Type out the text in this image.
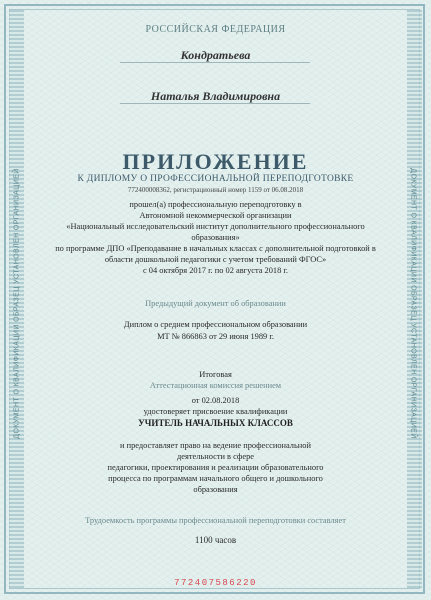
ДОКУМЕНТ О КВАЛИФИКАЦИИ ОБРАЗЕЦ УСТАНОВЛЕН ОРГАНИЗАЦИЕЙ	ДОКУМЕНТ О КВАЛИФИКАЦИИ ОБРАЗЕЦ УСТАНОВЛЕН ОРГАНИЗАЦИЕЙ
РОССИЙСКАЯ ФЕДЕРАЦИЯ
Кондратьева
Наталья Владимировна
ПРИЛОЖЕНИЕ
К ДИПЛОМУ О ПРОФЕССИОНАЛЬНОЙ ПЕРЕПОДГОТОВКЕ
772400008362, регистрационный номер 1159 от 06.08.2018
прошел(а) профессиональную переподготовку в
Автономной некоммерческой организации
«Национальный исследовательский институт дополнительного профессионального
образования»
по программе ДПО «Преподавание в начальных классах с дополнительной подготовкой в
области дошкольной педагогики с учетом требований ФГОС»
с 04 октября 2017 г. по 02 августа 2018 г.
Предыдущий документ об образовании
Диплом о среднем профессиональном образовании
МТ № 866863 от 29 июня 1989 г.
Итоговая
Аттестационная комиссия решением
от 02.08.2018
удостоверяет присвоение квалификации
УЧИТЕЛЬ НАЧАЛЬНЫХ КЛАССОВ
и предоставляет право на ведение профессиональной
деятельности в сфере
педагогики, проектирования и реализации образовательного
процесса по программам начального общего и дошкольного
образования
Трудоемкость программы профессиональной переподготовки составляет
1100 часов
772407586220
